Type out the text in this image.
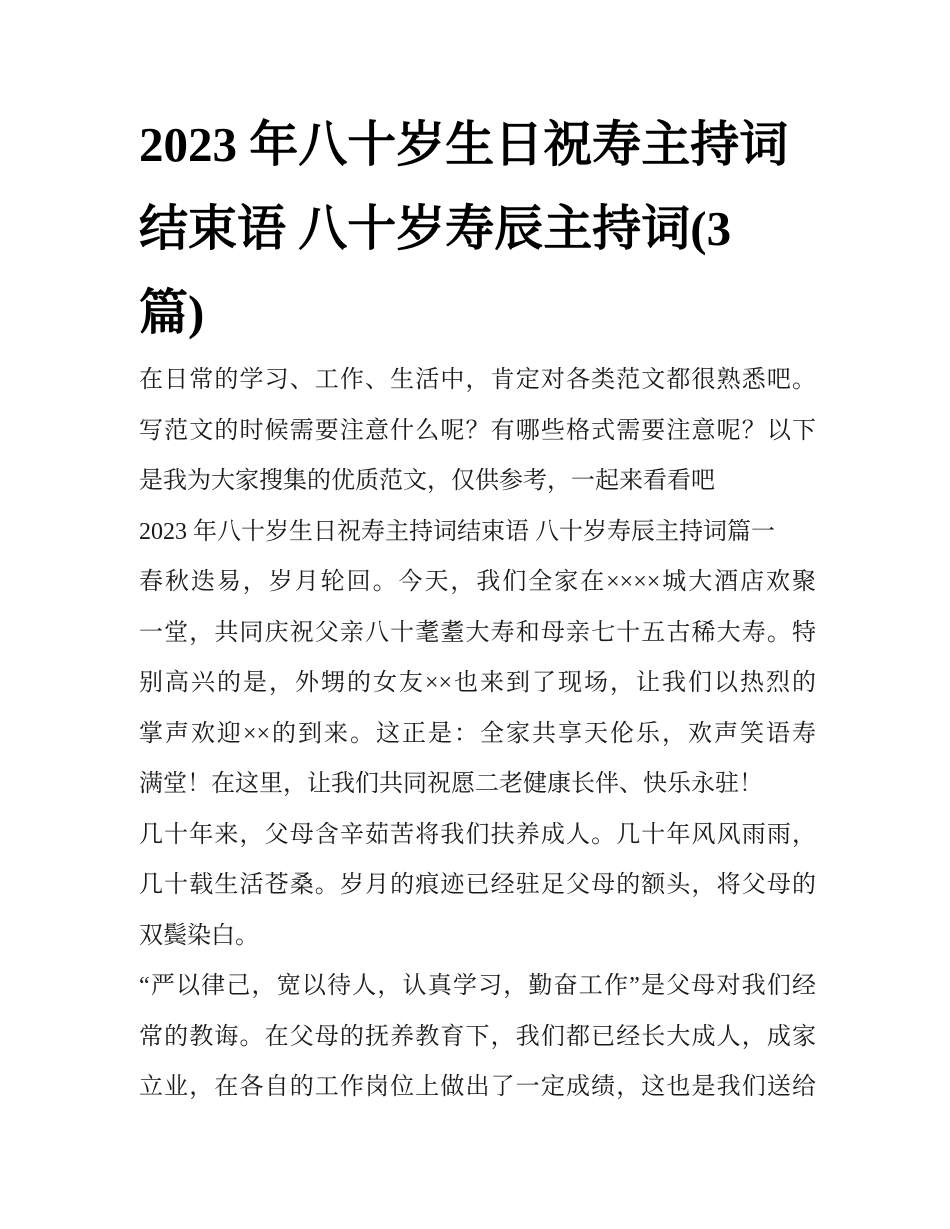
2023 年八十岁生日祝寿主持词
结束语 八十岁寿辰主持词(3
篇)

在日常的学习、工作、生活中，肯定对各类范文都很熟悉吧。
写范文的时候需要注意什么呢？有哪些格式需要注意呢？以下
是我为大家搜集的优质范文，仅供参考，一起来看看吧

2023 年八十岁生日祝寿主持词结束语 八十岁寿辰主持词篇一

春秋迭易，岁月轮回。今天，我们全家在××××城大酒店欢聚
一堂，共同庆祝父亲八十耄耋大寿和母亲七十五古稀大寿。特
别高兴的是，外甥的女友××也来到了现场，让我们以热烈的
掌声欢迎××的到来。这正是：全家共享天伦乐，欢声笑语寿
满堂！在这里，让我们共同祝愿二老健康长伴、快乐永驻！

几十年来，父母含辛茹苦将我们扶养成人。几十年风风雨雨，
几十载生活苍桑。岁月的痕迹已经驻足父母的额头，将父母的
双鬓染白。

“严以律己，宽以待人，认真学习，勤奋工作”是父母对我们经
常的教诲。在父母的抚养教育下，我们都已经长大成人，成家
立业，在各自的工作岗位上做出了一定成绩，这也是我们送给
